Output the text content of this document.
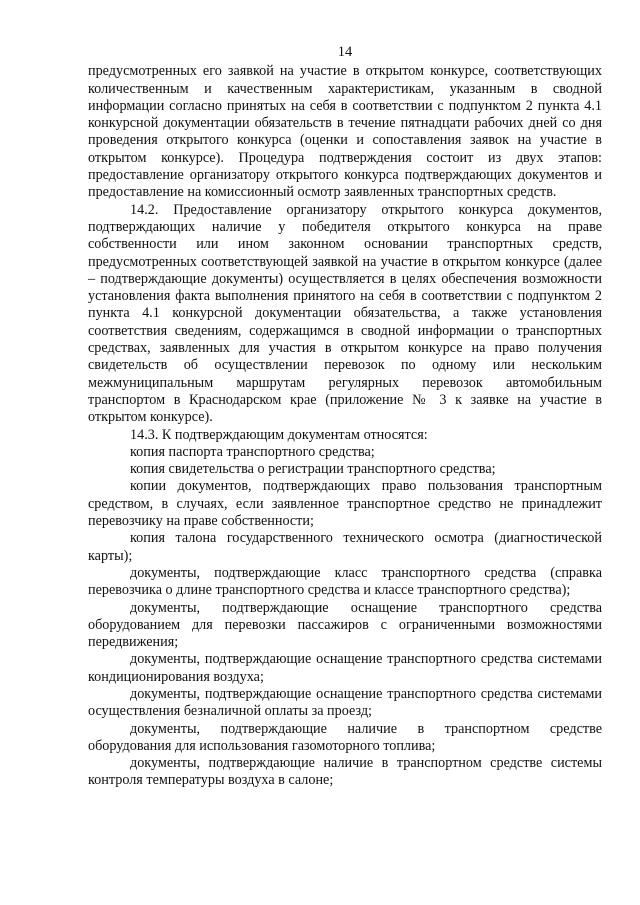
14

предусмотренных его заявкой на участие в открытом конкурсе, соответствующих количественным и качественным характеристикам, указанным в сводной информации согласно принятых на себя в соответствии с подпунктом 2 пункта 4.1 конкурсной документации обязательств в течение пятнадцати рабочих дней со дня проведения открытого конкурса (оценки и сопоставления заявок на участие в открытом конкурсе). Процедура подтверждения состоит из двух этапов: предоставление организатору открытого конкурса подтверждающих документов и предоставление на комиссионный осмотр заявленных транспортных средств.

14.2. Предоставление организатору открытого конкурса документов, подтверждающих наличие у победителя открытого конкурса на праве собственности или ином законном основании транспортных средств, предусмотренных соответствующей заявкой на участие в открытом конкурсе (далее – подтверждающие документы) осуществляется в целях обеспечения возможности установления факта выполнения принятого на себя в соответствии с подпунктом 2 пункта 4.1 конкурсной документации обязательства, а также установления соответствия сведениям, содержащимся в сводной информации о транспортных средствах, заявленных для участия в открытом конкурсе на право получения свидетельств об осуществлении перевозок по одному или нескольким межмуниципальным маршрутам регулярных перевозок автомобильным транспортом в Краснодарском крае (приложение № 3 к заявке на участие в открытом конкурсе).

14.3. К подтверждающим документам относятся:

копия паспорта транспортного средства;

копия свидетельства о регистрации транспортного средства;

копии документов, подтверждающих право пользования транспортным средством, в случаях, если заявленное транспортное средство не принадлежит перевозчику на праве собственности;

копия талона государственного технического осмотра (диагностической карты);

документы, подтверждающие класс транспортного средства (справка перевозчика о длине транспортного средства и классе транспортного средства);

документы, подтверждающие оснащение транспортного средства оборудованием для перевозки пассажиров с ограниченными возможностями передвижения;

документы, подтверждающие оснащение транспортного средства системами кондиционирования воздуха;

документы, подтверждающие оснащение транспортного средства системами осуществления безналичной оплаты за проезд;

документы, подтверждающие наличие в транспортном средстве оборудования для использования газомоторного топлива;

документы, подтверждающие наличие в транспортном средстве системы контроля температуры воздуха в салоне;
